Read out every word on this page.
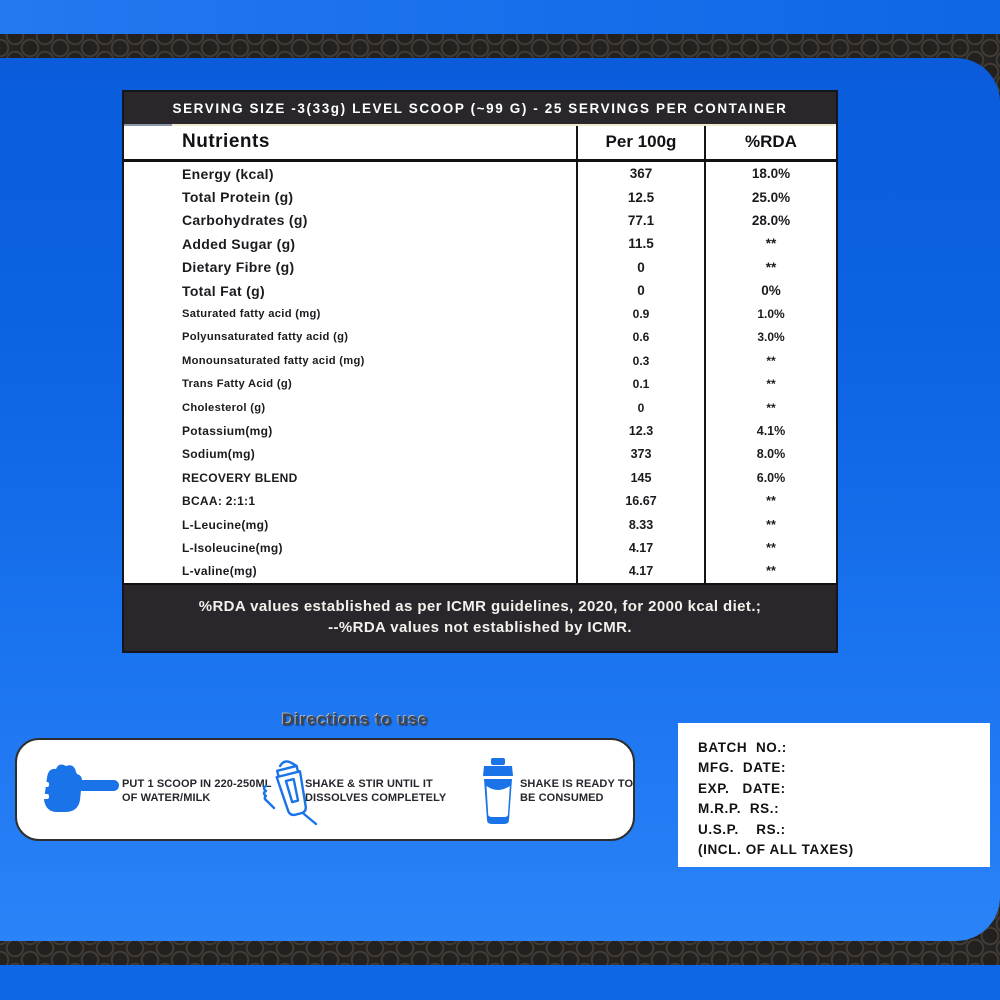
SERVING SIZE -3(33g) LEVEL SCOOP (~99 G) - 25 SERVINGS PER CONTAINER
Nutrients	Per 100g	%RDA
Energy (kcal)	367	18.0%
Total Protein (g)	12.5	25.0%
Carbohydrates (g)	77.1	28.0%
Added Sugar (g)	11.5	**
Dietary Fibre (g)	0	**
Total Fat (g)	0	0%
Saturated fatty acid (mg)	0.9	1.0%
Polyunsaturated fatty acid (g)	0.6	3.0%
Monounsaturated fatty acid (mg)	0.3	**
Trans Fatty Acid (g)	0.1	**
Cholesterol (g)	0	**
Potassium(mg)	12.3	4.1%
Sodium(mg)	373	8.0%
RECOVERY BLEND	145	6.0%
BCAA: 2:1:1	16.67	**
L-Leucine(mg)	8.33	**
L-Isoleucine(mg)	4.17	**
L-valine(mg)	4.17	**
%RDA values established as per ICMR guidelines, 2020, for 2000 kcal diet.;
--%RDA values not established by ICMR.
Directions to use
PUT 1 SCOOP IN 220-250ML OF WATER/MILK
SHAKE & STIR UNTIL IT DISSOLVES COMPLETELY
SHAKE IS READY TO BE CONSUMED
BATCH  NO.:
MFG.  DATE:
EXP.   DATE:
M.R.P.  RS.:
U.S.P.    RS.:
(INCL. OF ALL TAXES)
